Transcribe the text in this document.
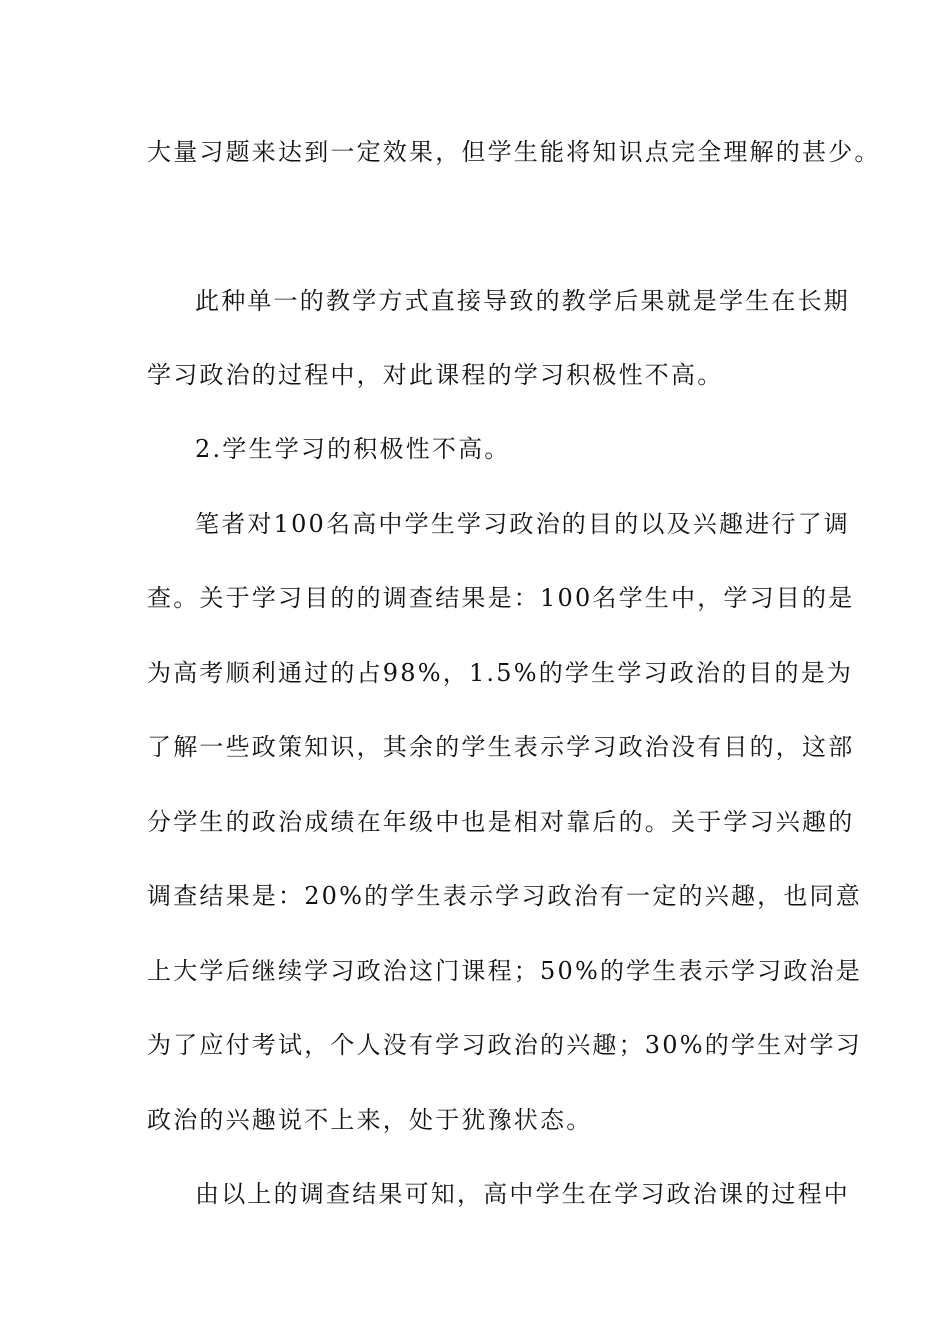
大量习题来达到一定效果，但学生能将知识点完全理解的甚少。
此种单一的教学方式直接导致的教学后果就是学生在长期
学习政治的过程中，对此课程的学习积极性不高。
2.学生学习的积极性不高。
笔者对100名高中学生学习政治的目的以及兴趣进行了调
查。关于学习目的的调查结果是：100名学生中，学习目的是
为高考顺利通过的占98%，1.5%的学生学习政治的目的是为
了解一些政策知识，其余的学生表示学习政治没有目的，这部
分学生的政治成绩在年级中也是相对靠后的。关于学习兴趣的
调查结果是：20%的学生表示学习政治有一定的兴趣，也同意
上大学后继续学习政治这门课程；50%的学生表示学习政治是
为了应付考试，个人没有学习政治的兴趣；30%的学生对学习
政治的兴趣说不上来，处于犹豫状态。
由以上的调查结果可知，高中学生在学习政治课的过程中
